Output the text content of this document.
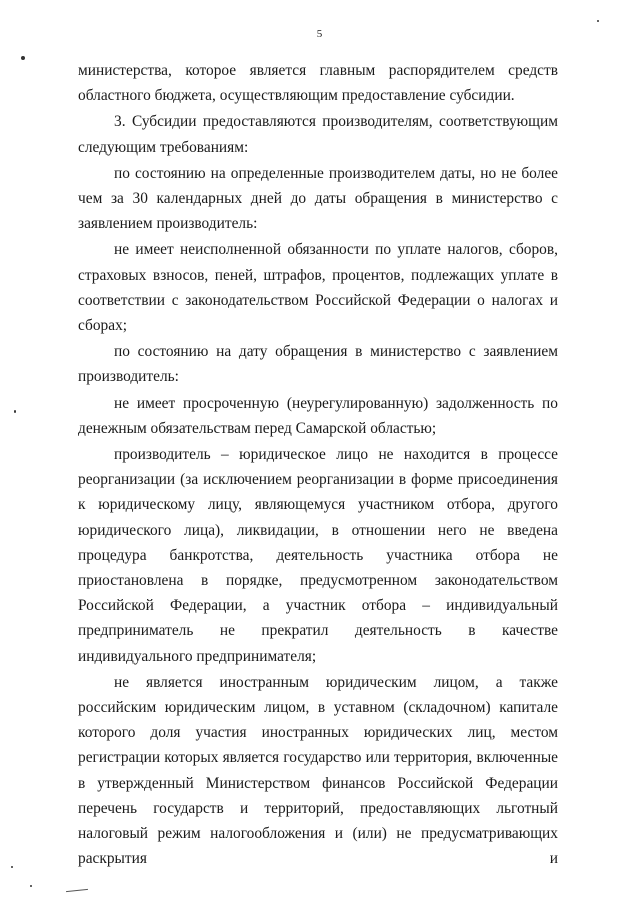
5

министерства, которое является главным распорядителем средств областного бюджета, осуществляющим предоставление субсидии.

3. Субсидии предоставляются производителям, соответствующим следующим требованиям:

по состоянию на определенные производителем даты, но не более чем за 30 календарных дней до даты обращения в министерство с заявлением производитель:

не имеет неисполненной обязанности по уплате налогов, сборов, страховых взносов, пеней, штрафов, процентов, подлежащих уплате в соответствии с законодательством Российской Федерации о налогах и сборах;

по состоянию на дату обращения в министерство с заявлением производитель:

не имеет просроченную (неурегулированную) задолженность по денежным обязательствам перед Самарской областью;

производитель – юридическое лицо не находится в процессе реорганизации (за исключением реорганизации в форме присоединения к юридическому лицу, являющемуся участником отбора, другого юридического лица), ликвидации, в отношении него не введена процедура банкротства, деятельность участника отбора не приостановлена в порядке, предусмотренном законодательством Российской Федерации, а участник отбора – индивидуальный предприниматель не прекратил деятельность в качестве индивидуального предпринимателя;

не является иностранным юридическим лицом, а также российским юридическим лицом, в уставном (складочном) капитале которого доля участия иностранных юридических лиц, местом регистрации которых является государство или территория, включенные в утвержденный Министерством финансов Российской Федерации перечень государств и территорий, предоставляющих льготный налоговый режим налогообложения и (или) не предусматривающих раскрытия и
